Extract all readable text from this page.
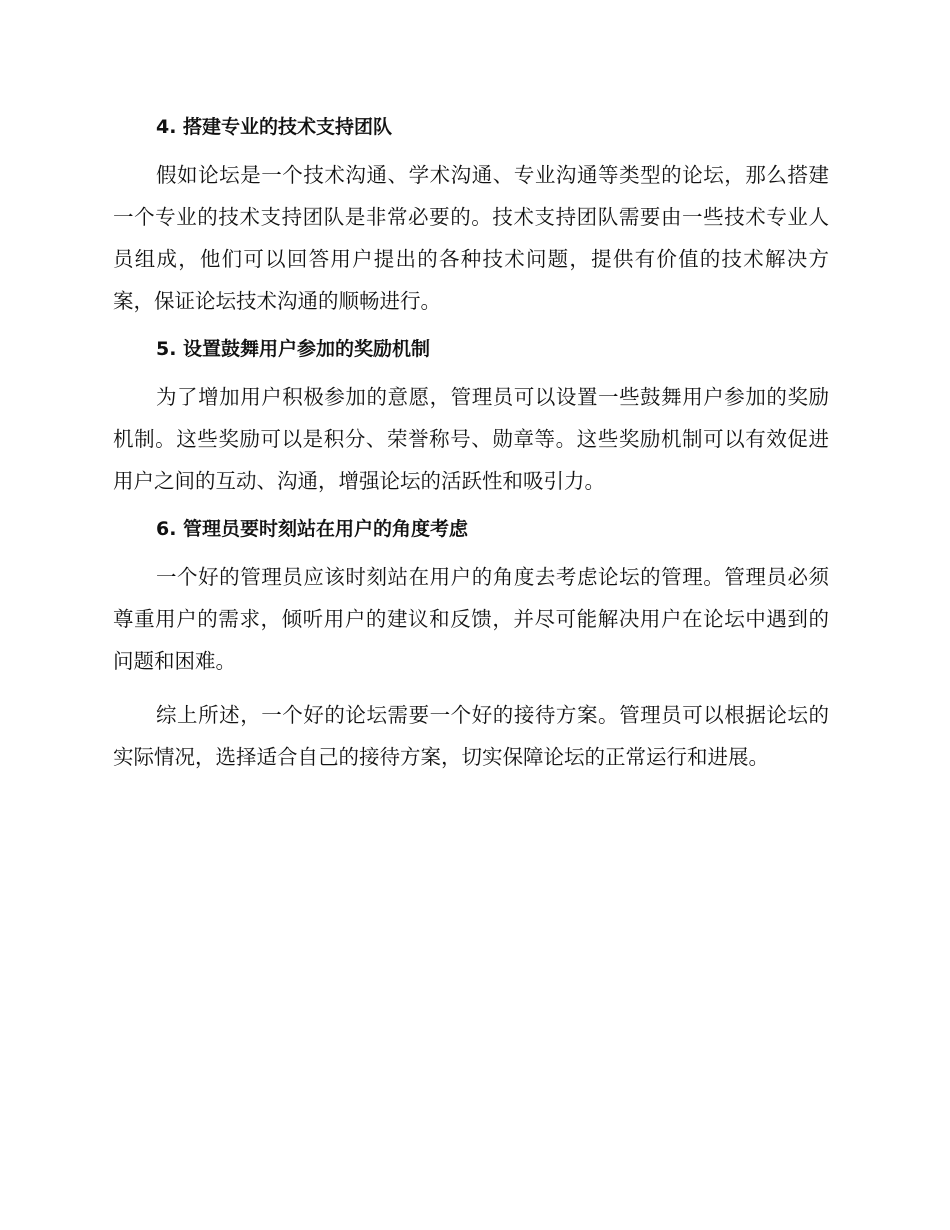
4. 搭建专业的技术支持团队

假如论坛是一个技术沟通、学术沟通、专业沟通等类型的论坛，那么搭建一个专业的技术支持团队是非常必要的。技术支持团队需要由一些技术专业人员组成，他们可以回答用户提出的各种技术问题，提供有价值的技术解决方案，保证论坛技术沟通的顺畅进行。

5. 设置鼓舞用户参加的奖励机制

为了增加用户积极参加的意愿，管理员可以设置一些鼓舞用户参加的奖励机制。这些奖励可以是积分、荣誉称号、勋章等。这些奖励机制可以有效促进用户之间的互动、沟通，增强论坛的活跃性和吸引力。

6. 管理员要时刻站在用户的角度考虑

一个好的管理员应该时刻站在用户的角度去考虑论坛的管理。管理员必须尊重用户的需求，倾听用户的建议和反馈，并尽可能解决用户在论坛中遇到的问题和困难。

综上所述，一个好的论坛需要一个好的接待方案。管理员可以根据论坛的实际情况，选择适合自己的接待方案，切实保障论坛的正常运行和进展。
